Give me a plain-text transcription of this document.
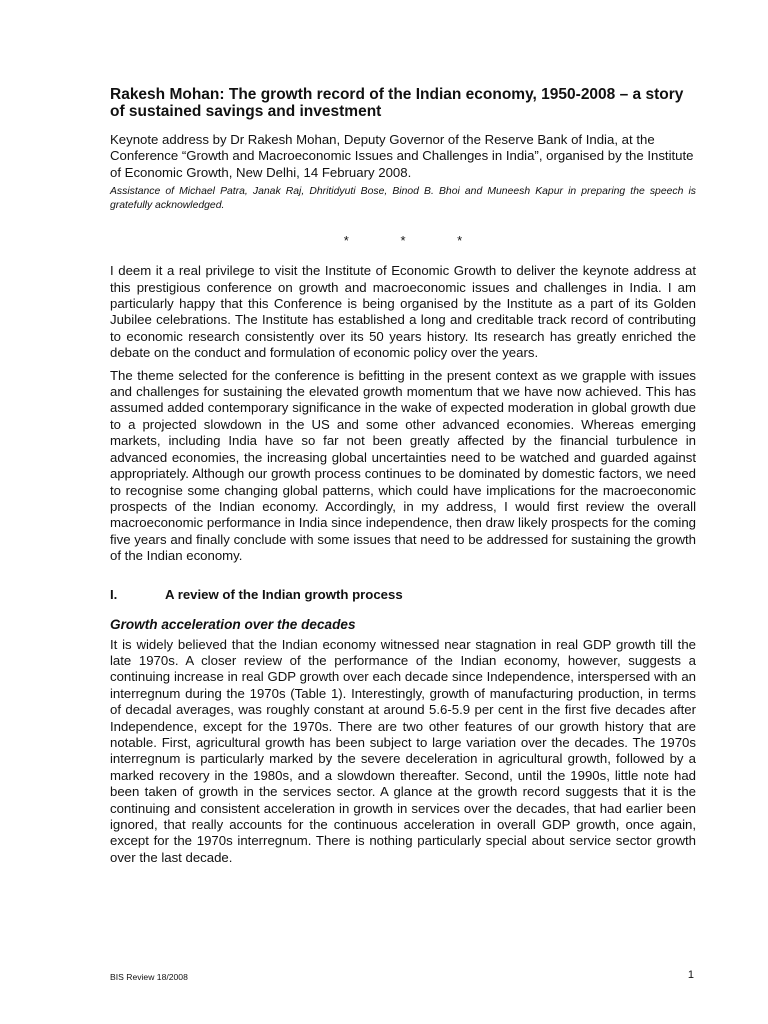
Rakesh Mohan: The growth record of the Indian economy, 1950-2008 – a story of sustained savings and investment

Keynote address by Dr Rakesh Mohan, Deputy Governor of the Reserve Bank of India, at the Conference “Growth and Macroeconomic Issues and Challenges in India”, organised by the Institute of Economic Growth, New Delhi, 14 February 2008.

Assistance of Michael Patra, Janak Raj, Dhritidyuti Bose, Binod B. Bhoi and Muneesh Kapur in preparing the speech is gratefully acknowledged.

* * *

I deem it a real privilege to visit the Institute of Economic Growth to deliver the keynote address at this prestigious conference on growth and macroeconomic issues and challenges in India. I am particularly happy that this Conference is being organised by the Institute as a part of its Golden Jubilee celebrations. The Institute has established a long and creditable track record of contributing to economic research consistently over its 50 years history. Its research has greatly enriched the debate on the conduct and formulation of economic policy over the years.

The theme selected for the conference is befitting in the present context as we grapple with issues and challenges for sustaining the elevated growth momentum that we have now achieved. This has assumed added contemporary significance in the wake of expected moderation in global growth due to a projected slowdown in the US and some other advanced economies. Whereas emerging markets, including India have so far not been greatly affected by the financial turbulence in advanced economies, the increasing global uncertainties need to be watched and guarded against appropriately. Although our growth process continues to be dominated by domestic factors, we need to recognise some changing global patterns, which could have implications for the macroeconomic prospects of the Indian economy. Accordingly, in my address, I would first review the overall macroeconomic performance in India since independence, then draw likely prospects for the coming five years and finally conclude with some issues that need to be addressed for sustaining the growth of the Indian economy.

I.	A review of the Indian growth process
Growth acceleration over the decades

It is widely believed that the Indian economy witnessed near stagnation in real GDP growth till the late 1970s. A closer review of the performance of the Indian economy, however, suggests a continuing increase in real GDP growth over each decade since Independence, interspersed with an interregnum during the 1970s (Table 1). Interestingly, growth of manufacturing production, in terms of decadal averages, was roughly constant at around 5.6-5.9 per cent in the first five decades after Independence, except for the 1970s. There are two other features of our growth history that are notable. First, agricultural growth has been subject to large variation over the decades. The 1970s interregnum is particularly marked by the severe deceleration in agricultural growth, followed by a marked recovery in the 1980s, and a slowdown thereafter. Second, until the 1990s, little note had been taken of growth in the services sector. A glance at the growth record suggests that it is the continuing and consistent acceleration in growth in services over the decades, that had earlier been ignored, that really accounts for the continuous acceleration in overall GDP growth, once again, except for the 1970s interregnum. There is nothing particularly special about service sector growth over the last decade.

BIS Review 18/2008	1
